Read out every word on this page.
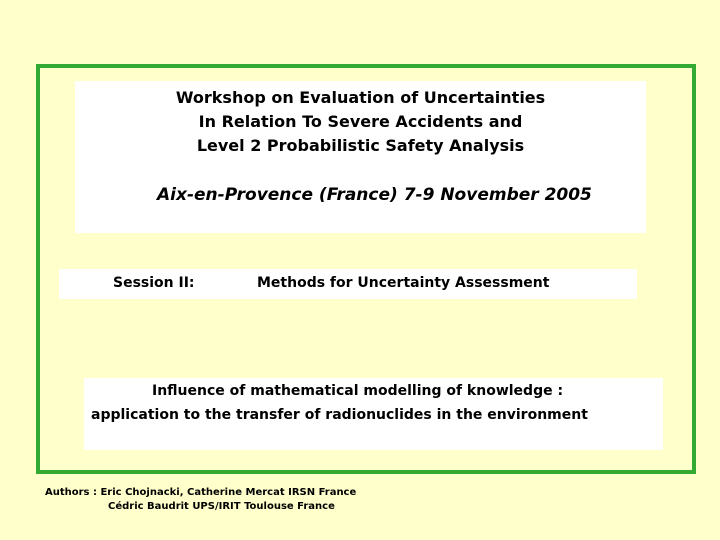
Workshop on Evaluation of Uncertainties
In Relation To Severe Accidents and
Level 2 Probabilistic Safety Analysis
Aix-en-Provence (France) 7-9 November 2005
Session II:	Methods for Uncertainty Assessment
Influence of mathematical modelling of knowledge :
application to the transfer of radionuclides in the environment
Authors : Eric Chojnacki, Catherine Mercat IRSN France
Cédric Baudrit UPS/IRIT Toulouse France
